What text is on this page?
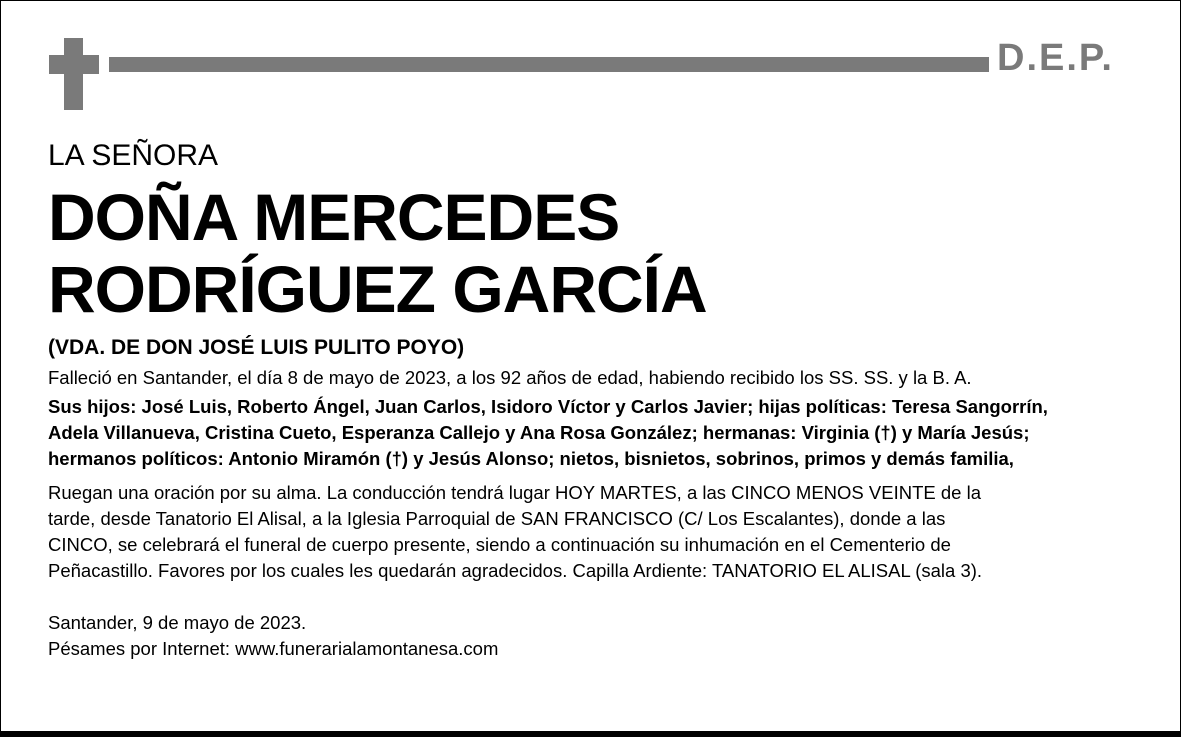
D.E.P.
LA SEÑORA
DOÑA MERCEDES
RODRÍGUEZ GARCÍA
(VDA. DE DON JOSÉ LUIS PULITO POYO)
Falleció en Santander, el día 8 de mayo de 2023, a los 92 años de edad, habiendo recibido los SS. SS. y la B. A.
Sus hijos: José Luis, Roberto Ángel, Juan Carlos, Isidoro Víctor y Carlos Javier; hijas políticas: Teresa Sangorrín,
Adela Villanueva, Cristina Cueto, Esperanza Callejo y Ana Rosa González; hermanas: Virginia (†) y María Jesús;
hermanos políticos: Antonio Miramón (†) y Jesús Alonso; nietos, bisnietos, sobrinos, primos y demás familia,
Ruegan una oración por su alma. La conducción tendrá lugar HOY MARTES, a las CINCO MENOS VEINTE de la
tarde, desde Tanatorio El Alisal, a la Iglesia Parroquial de SAN FRANCISCO (C/ Los Escalantes), donde a las
CINCO, se celebrará el funeral de cuerpo presente, siendo a continuación su inhumación en el Cementerio de
Peñacastillo. Favores por los cuales les quedarán agradecidos. Capilla Ardiente: TANATORIO EL ALISAL (sala 3).
Santander, 9 de mayo de 2023.
Pésames por Internet: www.funerarialamontanesa.com
